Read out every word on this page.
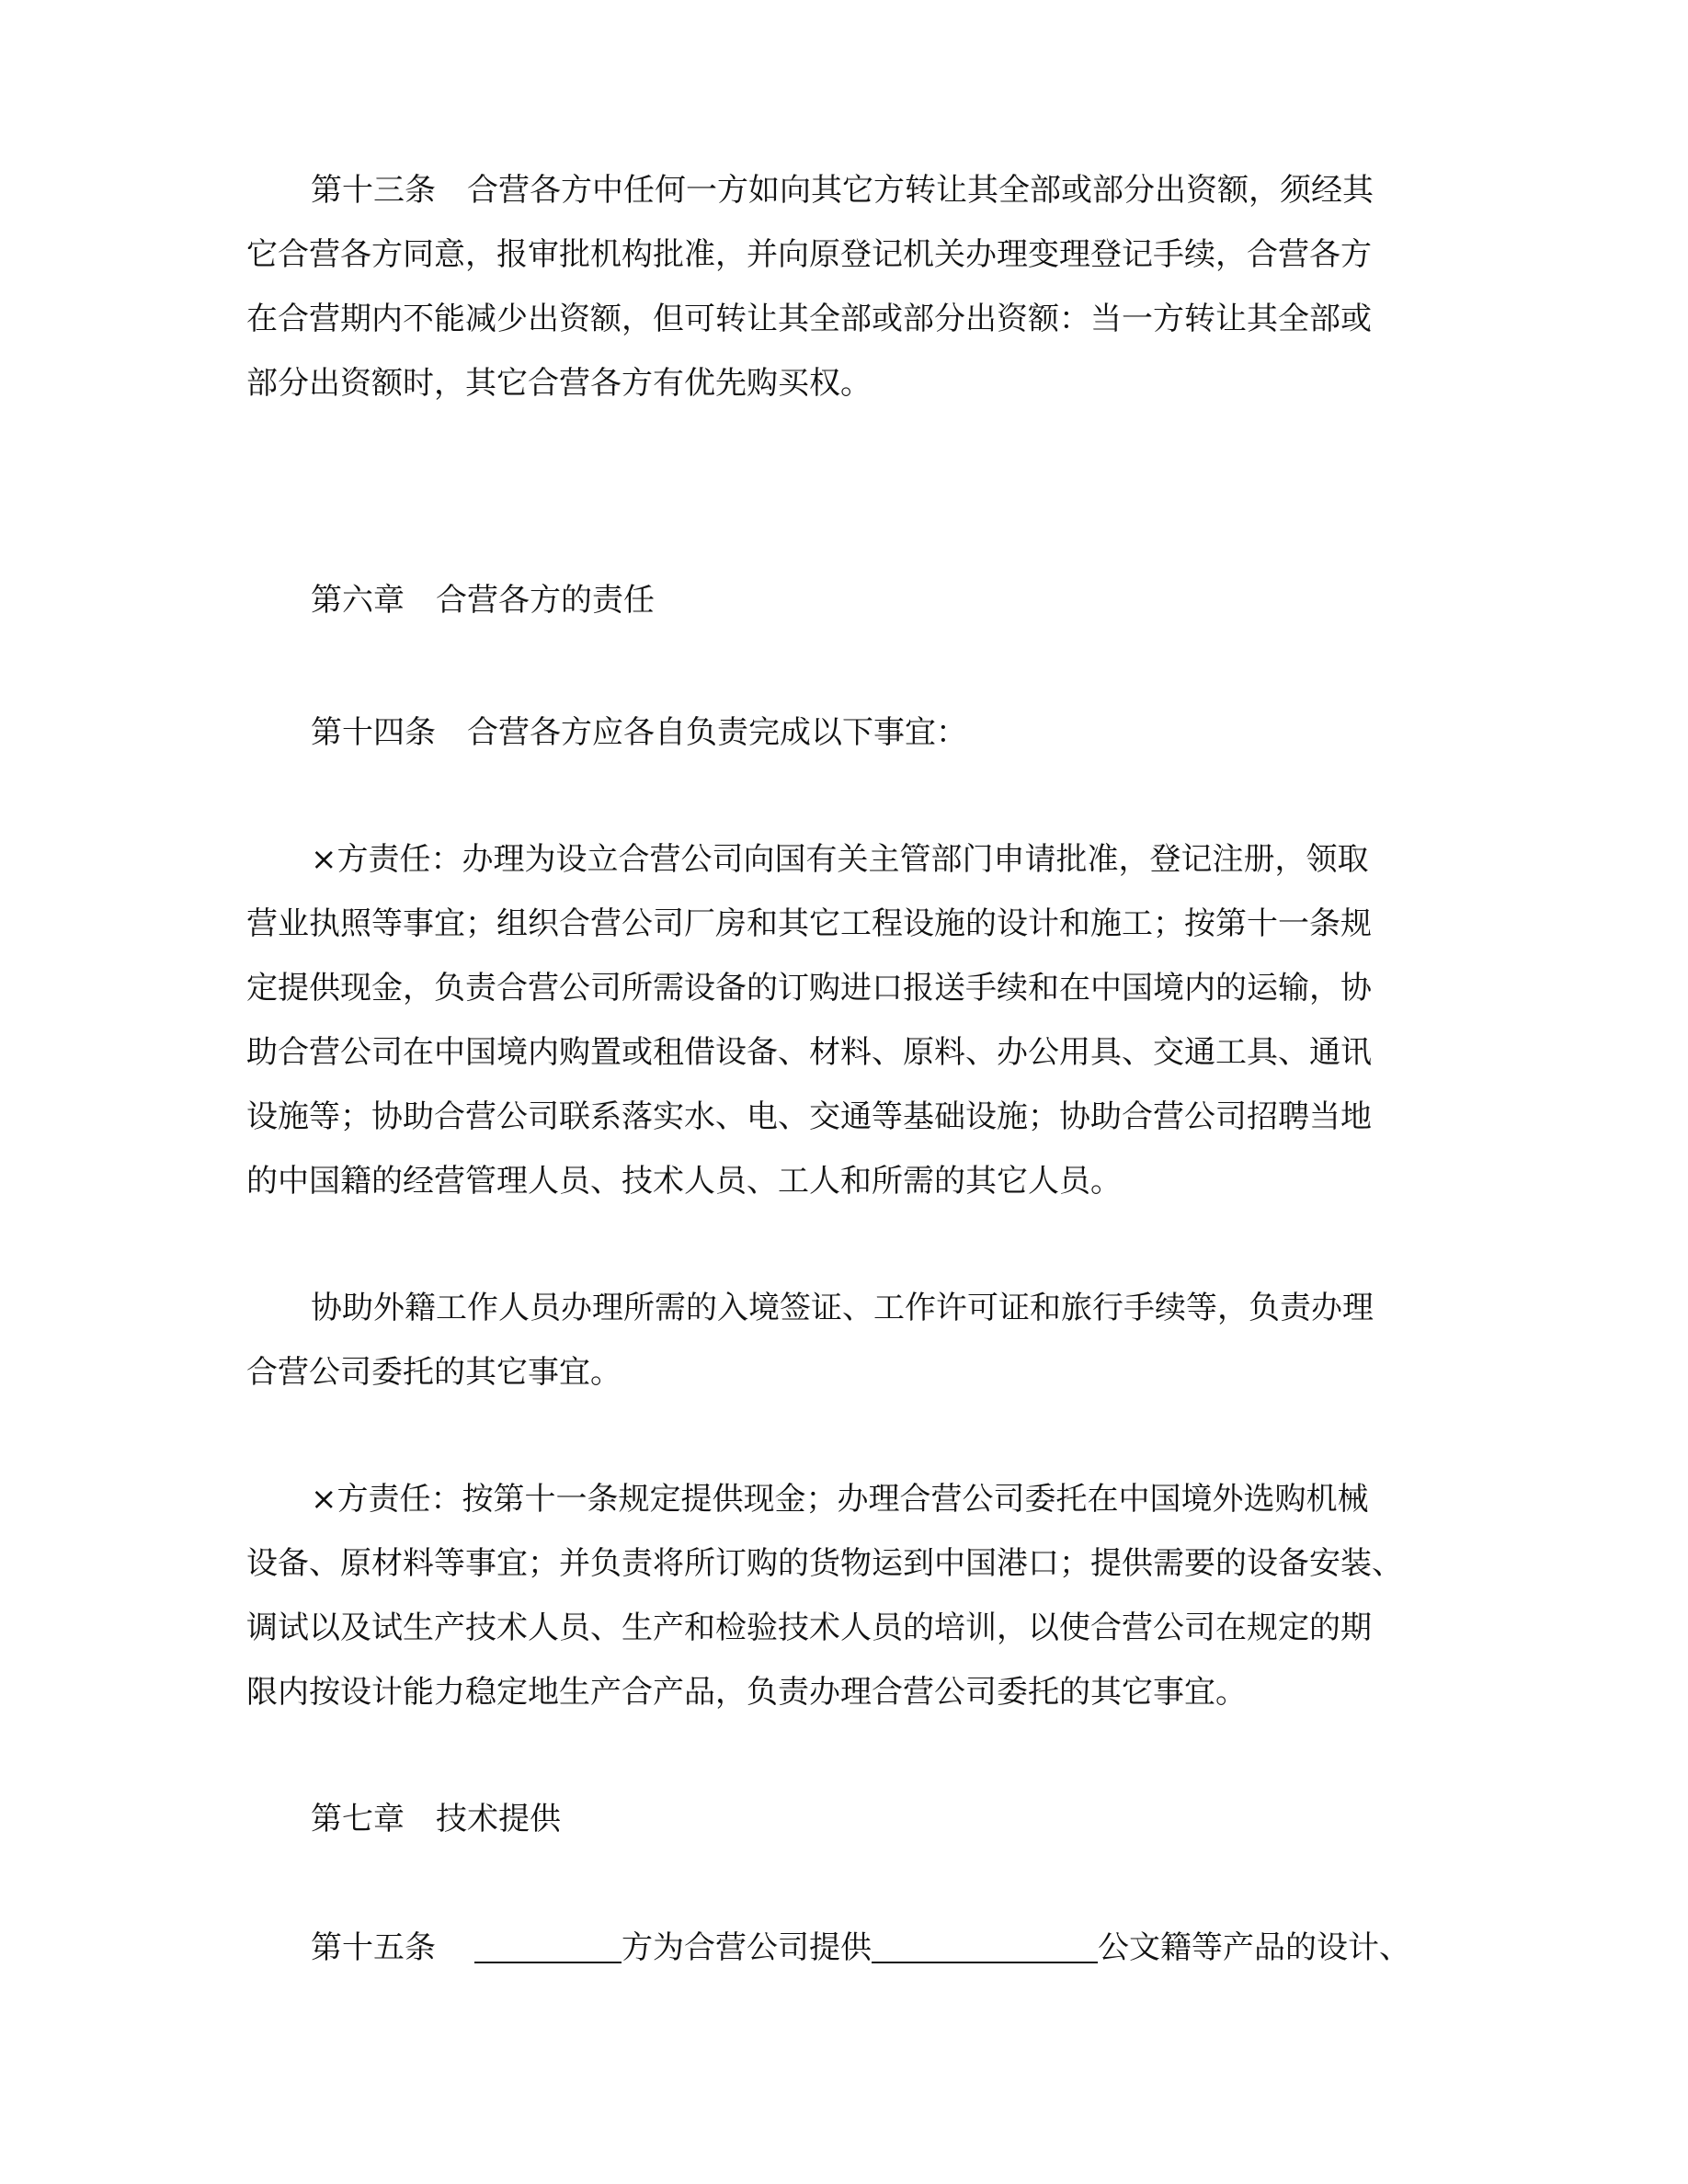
第十三条 合营各方中任何一方如向其它方转让其全部或部分出资额，须经其
它合营各方同意，报审批机构批准，并向原登记机关办理变理登记手续，合营各方
在合营期内不能减少出资额，但可转让其全部或部分出资额：当一方转让其全部或
部分出资额时，其它合营各方有优先购买权。
第六章 合营各方的责任
第十四条 合营各方应各自负责完成以下事宜：
×方责任：办理为设立合营公司向国有关主管部门申请批准，登记注册，领取
营业执照等事宜；组织合营公司厂房和其它工程设施的设计和施工；按第十一条规
定提供现金，负责合营公司所需设备的订购进口报送手续和在中国境内的运输，协
助合营公司在中国境内购置或租借设备、材料、原料、办公用具、交通工具、通讯
设施等；协助合营公司联系落实水、电、交通等基础设施；协助合营公司招聘当地
的中国籍的经营管理人员、技术人员、工人和所需的其它人员。
协助外籍工作人员办理所需的入境签证、工作许可证和旅行手续等，负责办理
合营公司委托的其它事宜。
×方责任：按第十一条规定提供现金；办理合营公司委托在中国境外选购机械
设备、原材料等事宜；并负责将所订购的货物运到中国港口；提供需要的设备安装、
调试以及试生产技术人员、生产和检验技术人员的培训，以使合营公司在规定的期
限内按设计能力稳定地生产合产品，负责办理合营公司委托的其它事宜。
第七章 技术提供
第十五条	方为合营公司提供	公文籍等产品的设计、
